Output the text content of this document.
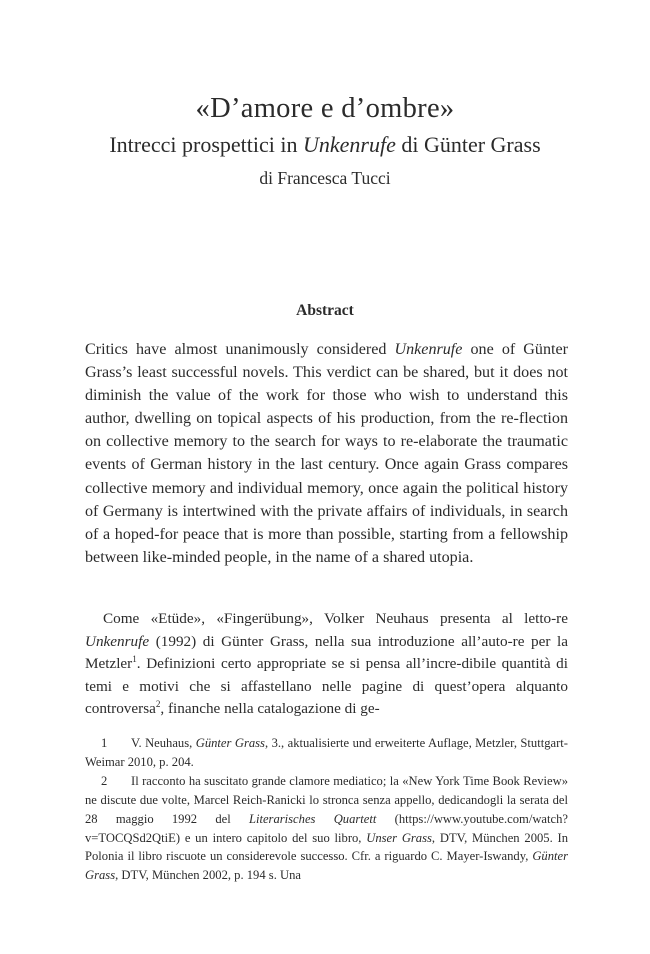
«D’amore e d’ombre»
Intrecci prospettici in Unkenrufe di Günter Grass
di Francesca Tucci
Abstract

Critics have almost unanimously considered Unkenrufe one of Günter Grass’s least successful novels. This verdict can be shared, but it does not diminish the value of the work for those who wish to understand this author, dwelling on topical aspects of his production, from the re-flection on collective memory to the search for ways to re-elaborate the traumatic events of German history in the last century. Once again Grass compares collective memory and individual memory, once again the political history of Germany is intertwined with the private affairs of individuals, in search of a hoped-for peace that is more than possible, starting from a fellowship between like-minded people, in the name of a shared utopia.

Come «Etüde», «Fingerübung», Volker Neuhaus presenta al letto-re Unkenrufe (1992) di Günter Grass, nella sua introduzione all’auto-re per la Metzler$^1$. Definizioni certo appropriate se si pensa all’incre-dibile quantità di temi e motivi che si affastellano nelle pagine di quest’opera alquanto controversa$^2$, finanche nella catalogazione di ge-

1 V. Neuhaus, Günter Grass, 3., aktualisierte und erweiterte Auflage, Metzler, Stuttgart-Weimar 2010, p. 204.

2 Il racconto ha suscitato grande clamore mediatico; la «New York Time Book Review» ne discute due volte, Marcel Reich-Ranicki lo stronca senza appello, dedicandogli la serata del 28 maggio 1992 del Literarisches Quartett (https://www.youtube.com/watch?v=TOCQSd2QtiE) e un intero capitolo del suo libro, Unser Grass, DTV, München 2005. In Polonia il libro riscuote un considerevole successo. Cfr. a riguardo C. Mayer-Iswandy, Günter Grass, DTV, München 2002, p. 194 s. Una
